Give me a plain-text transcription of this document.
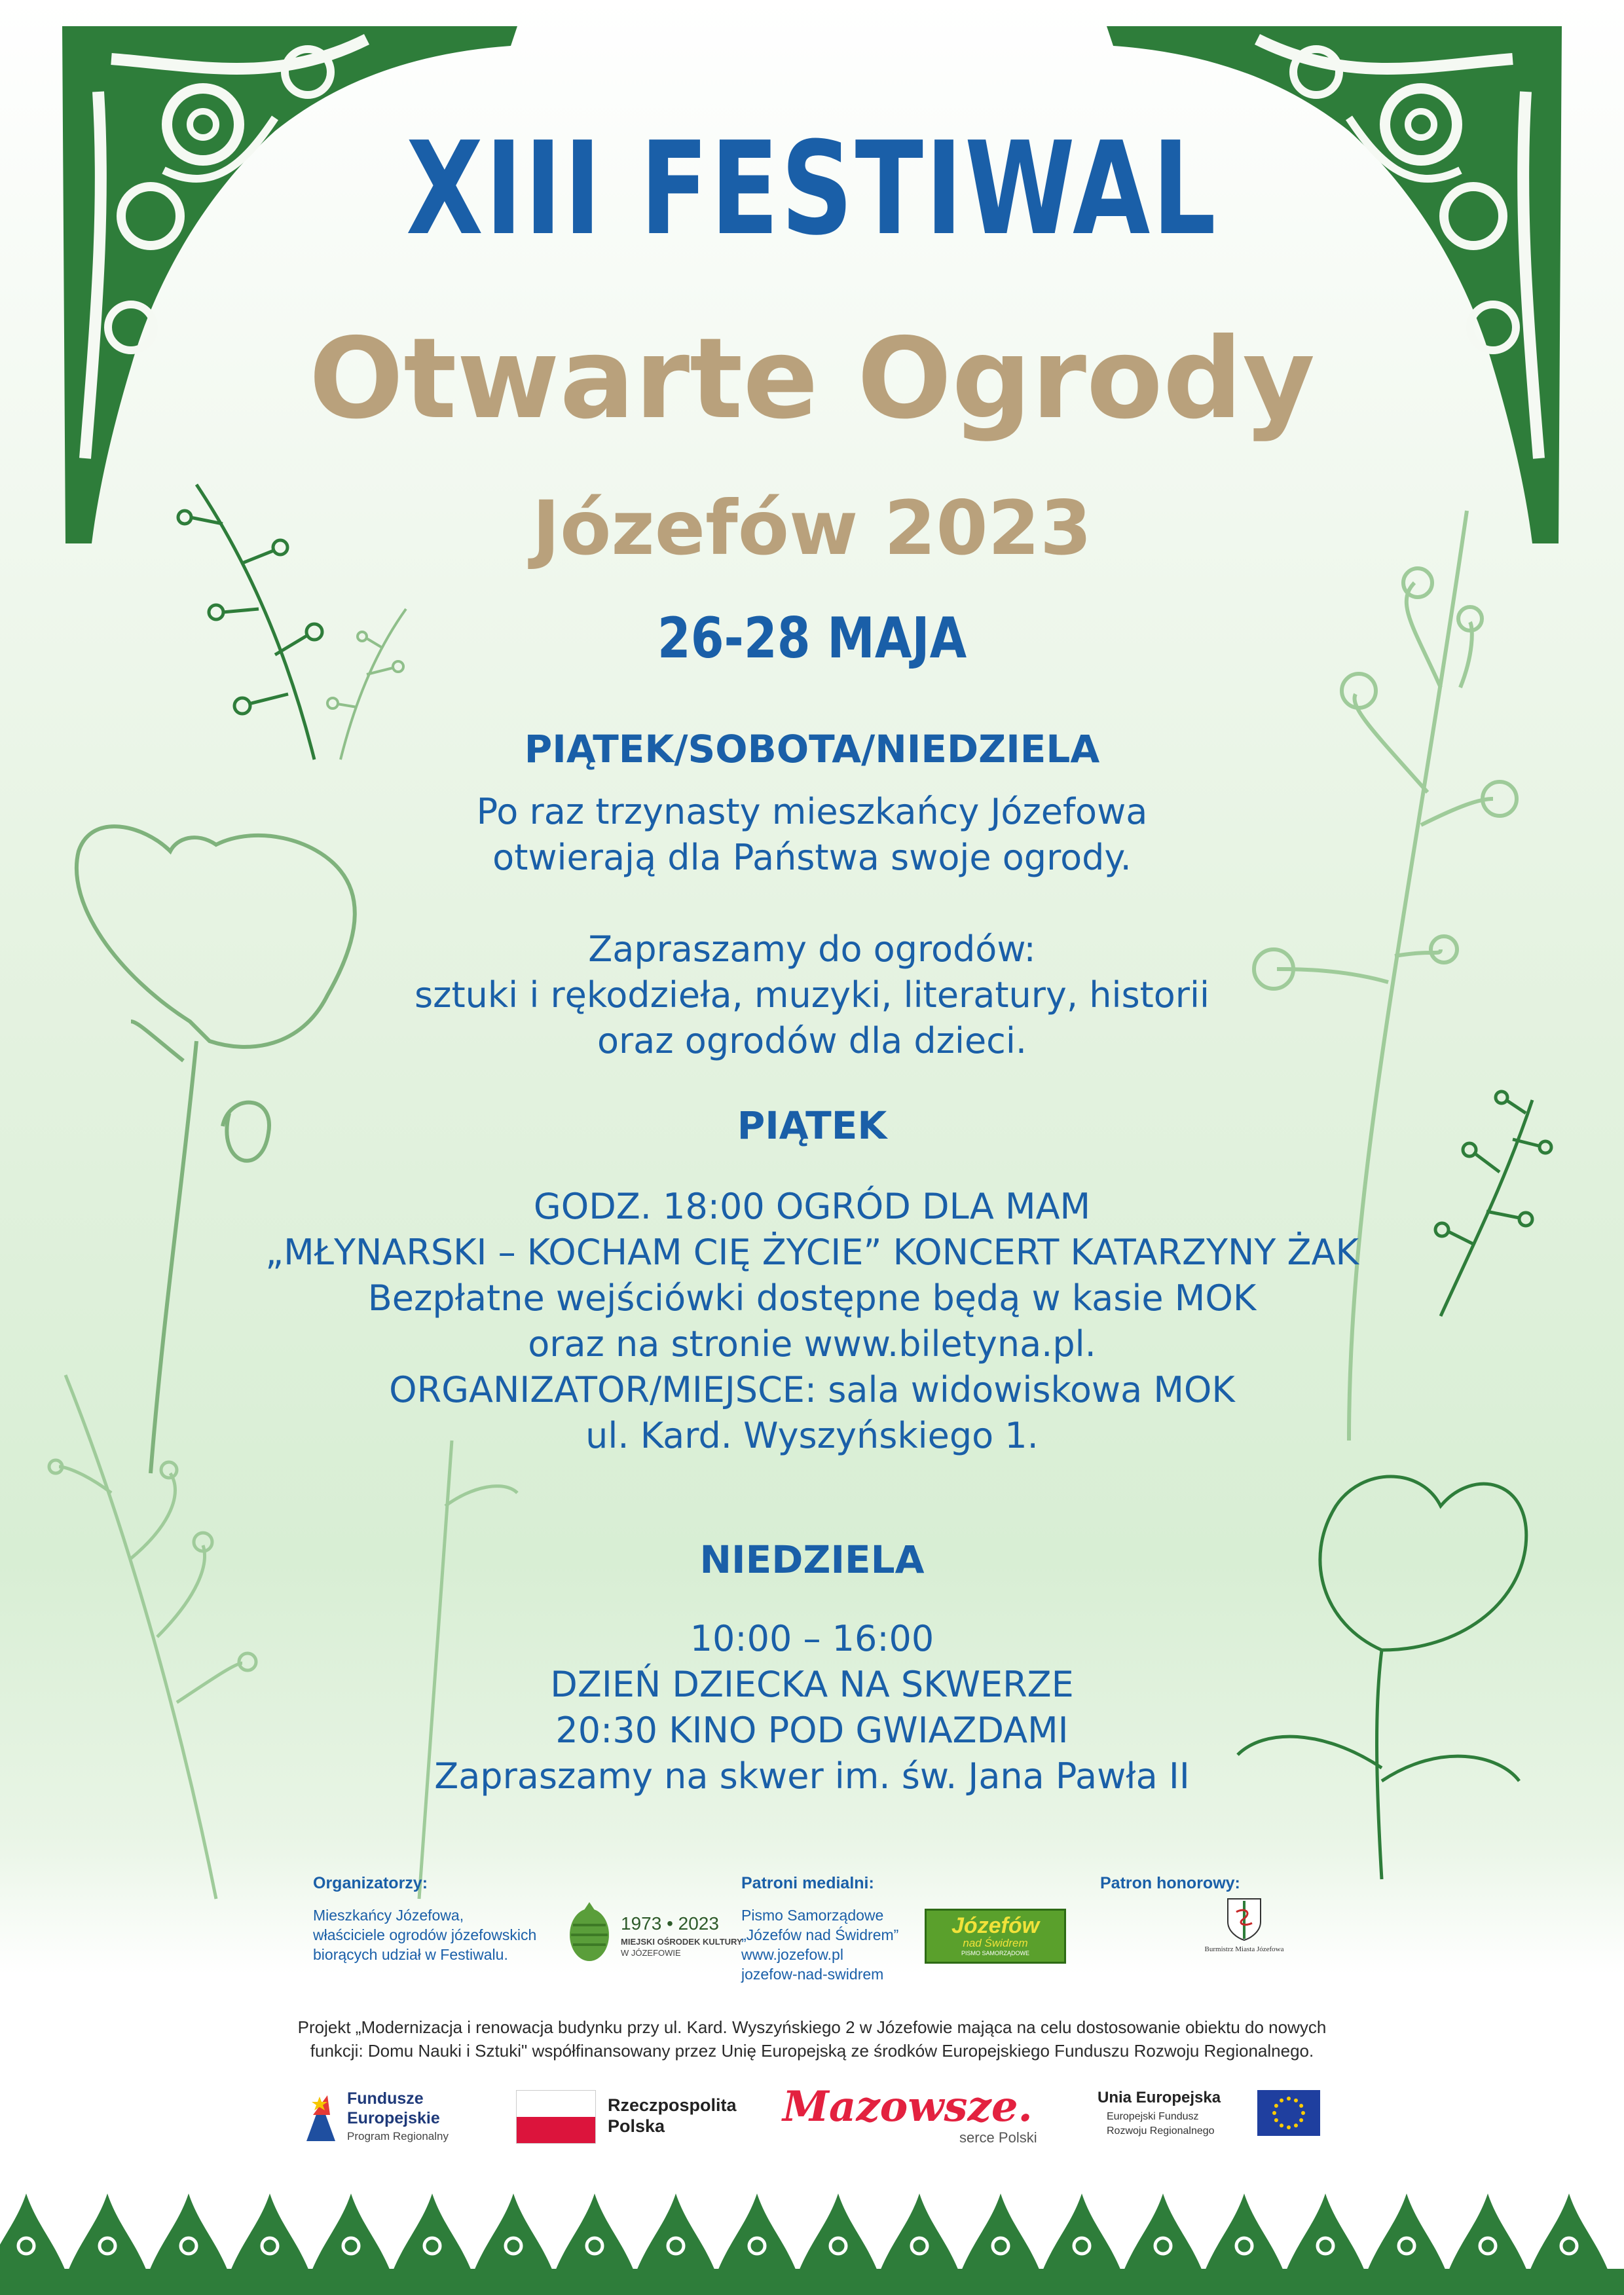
XIII FESTIWAL
Otwarte Ogrody
Józefów 2023
26-28 MAJA
PIĄTEK/SOBOTA/NIEDZIELA
Po raz trzynasty mieszkańcy Józefowa
otwierają dla Państwa swoje ogrody.
Zapraszamy do ogrodów:
sztuki i rękodzieła, muzyki, literatury, historii
oraz ogrodów dla dzieci.
PIĄTEK
GODZ. 18:00 OGRÓD DLA MAM
„MŁYNARSKI – KOCHAM CIĘ ŻYCIE” KONCERT KATARZYNY ŻAK
Bezpłatne wejściówki dostępne będą w kasie MOK
oraz na stronie www.biletyna.pl.
ORGANIZATOR/MIEJSCE: sala widowiskowa MOK
ul. Kard. Wyszyńskiego 1.
NIEDZIELA
10:00 – 16:00
DZIEŃ DZIECKA NA SKWERZE
20:30 KINO POD GWIAZDAMI
Zapraszamy na skwer im. św. Jana Pawła II
Organizatorzy:
Mieszkańcy Józefowa,
właściciele ogrodów józefowskich
biorących udział w Festiwalu.
1973 • 2023
MIEJSKI OŚRODEK KULTURY
W JÓZEFOWIE
Patroni medialni:
Pismo Samorządowe
„Józefów nad Świdrem”
www.jozefow.pl
jozefow-nad-swidrem
Józefów
nad Świdrem
PISMO SAMORZĄDOWE
Patron honorowy:
Burmistrz Miasta Józefowa
Projekt „Modernizacja i renowacja budynku przy ul. Kard. Wyszyńskiego 2 w Józefowie mająca na celu dostosowanie obiektu do nowych
funkcji: Domu Nauki i Sztuki" współfinansowany przez Unię Europejską ze środków Europejskiego Funduszu Rozwoju Regionalnego.
Fundusze
Europejskie
Program Regionalny
Rzeczpospolita
Polska	Mazowsze.
serce Polski
Unia Europejska
Europejski Fundusz
Rozwoju Regionalnego
